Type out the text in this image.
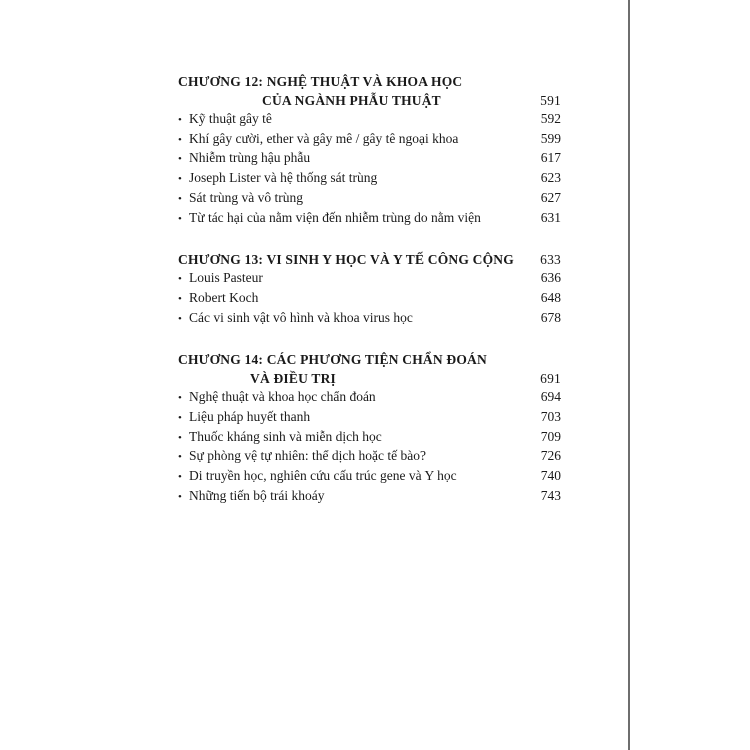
CHƯƠNG 12: NGHỆ THUẬT VÀ KHOA HỌC
CỦA NGÀNH PHẪU THUẬT	591
• Kỹ thuật gây tê	592
• Khí gây cười, ether và gây mê / gây tê ngoại khoa	599
• Nhiễm trùng hậu phẫu	617
• Joseph Lister và hệ thống sát trùng	623
• Sát trùng và vô trùng	627
• Từ tác hại của nằm viện đến nhiễm trùng do nằm viện	631
CHƯƠNG 13: VI SINH Y HỌC VÀ Y TẾ CÔNG CỘNG 633
• Louis Pasteur	636
• Robert Koch	648
• Các vi sinh vật vô hình và khoa virus học	678
CHƯƠNG 14: CÁC PHƯƠNG TIỆN CHẨN ĐOÁN
VÀ ĐIỀU TRỊ	691
• Nghệ thuật và khoa học chẩn đoán	694
• Liệu pháp huyết thanh	703
• Thuốc kháng sinh và miễn dịch học	709
• Sự phòng vệ tự nhiên: thể dịch hoặc tế bào?	726
• Di truyền học, nghiên cứu cấu trúc gene và Y học	740
• Những tiến bộ trái khoáy	743
